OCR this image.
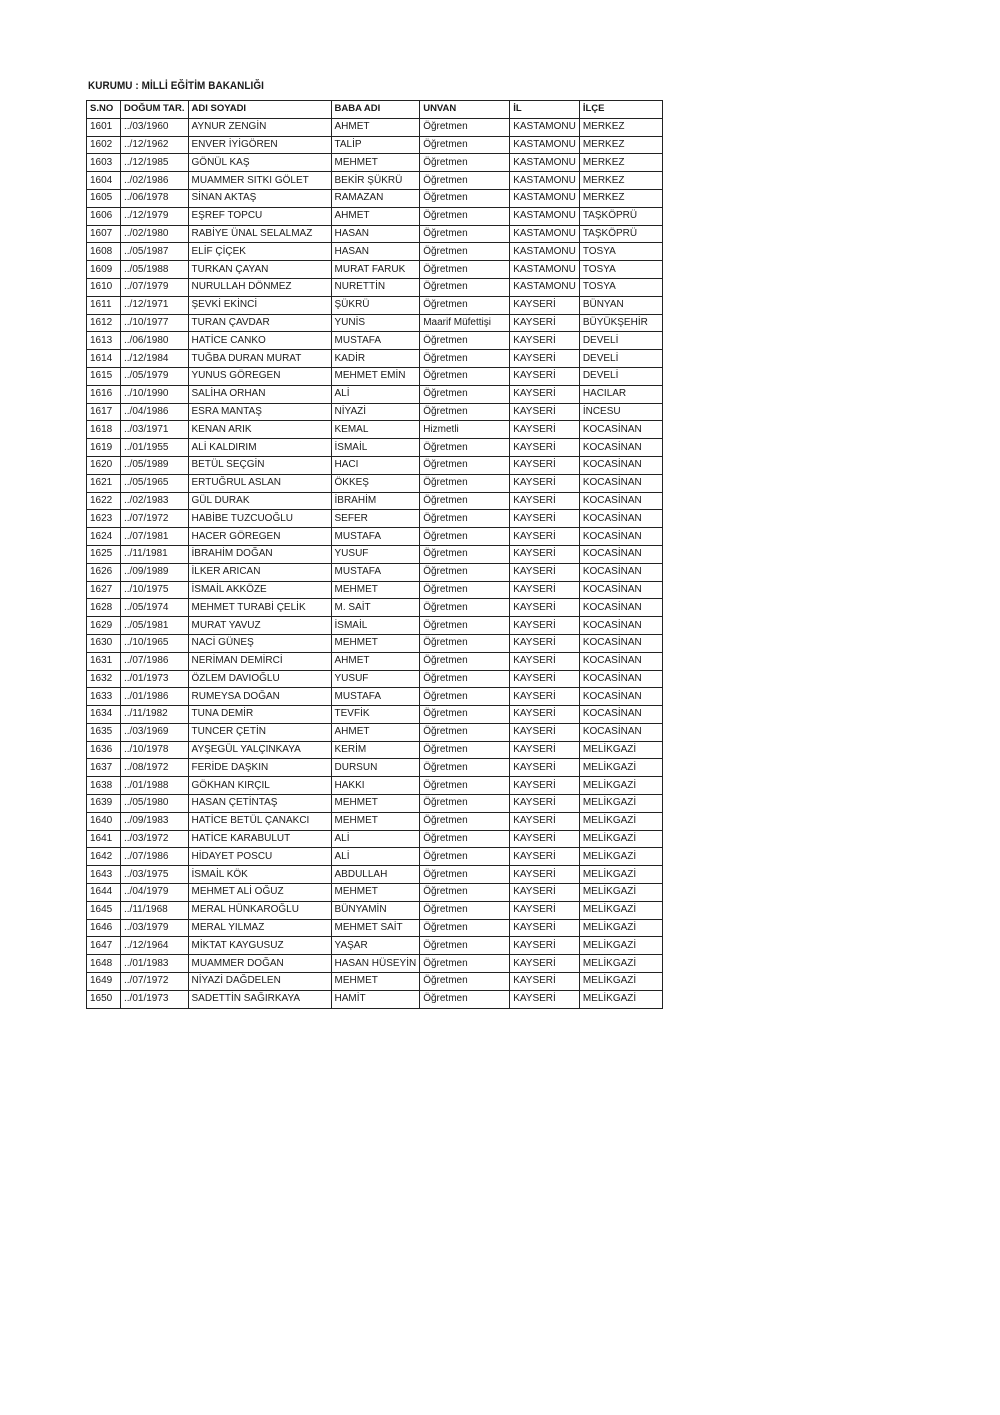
KURUMU : MİLLİ EĞİTİM BAKANLIĞI
S.NO	DOĞUM TAR.	ADI SOYADI	BABA ADI	UNVAN	İL	İLÇE
1601	../03/1960	AYNUR ZENGİN	AHMET	Öğretmen	KASTAMONU	MERKEZ
1602	../12/1962	ENVER İYİGÖREN	TALİP	Öğretmen	KASTAMONU	MERKEZ
1603	../12/1985	GÖNÜL KAŞ	MEHMET	Öğretmen	KASTAMONU	MERKEZ
1604	../02/1986	MUAMMER SITKI GÖLET	BEKİR ŞÜKRÜ	Öğretmen	KASTAMONU	MERKEZ
1605	../06/1978	SİNAN AKTAŞ	RAMAZAN	Öğretmen	KASTAMONU	MERKEZ
1606	../12/1979	EŞREF TOPCU	AHMET	Öğretmen	KASTAMONU	TAŞKÖPRÜ
1607	../02/1980	RABİYE ÜNAL SELALMAZ	HASAN	Öğretmen	KASTAMONU	TAŞKÖPRÜ
1608	../05/1987	ELİF ÇİÇEK	HASAN	Öğretmen	KASTAMONU	TOSYA
1609	../05/1988	TURKAN ÇAYAN	MURAT FARUK	Öğretmen	KASTAMONU	TOSYA
1610	../07/1979	NURULLAH DÖNMEZ	NURETTİN	Öğretmen	KASTAMONU	TOSYA
1611	../12/1971	ŞEVKİ EKİNCİ	ŞÜKRÜ	Öğretmen	KAYSERİ	BÜNYAN
1612	../10/1977	TURAN ÇAVDAR	YUNİS	Maarif Müfettişi	KAYSERİ	BÜYÜKŞEHİR
1613	../06/1980	HATİCE CANKO	MUSTAFA	Öğretmen	KAYSERİ	DEVELİ
1614	../12/1984	TUĞBA DURAN MURAT	KADİR	Öğretmen	KAYSERİ	DEVELİ
1615	../05/1979	YUNUS GÖREGEN	MEHMET EMİN	Öğretmen	KAYSERİ	DEVELİ
1616	../10/1990	SALİHA ORHAN	ALİ	Öğretmen	KAYSERİ	HACILAR
1617	../04/1986	ESRA MANTAŞ	NİYAZİ	Öğretmen	KAYSERİ	İNCESU
1618	../03/1971	KENAN ARIK	KEMAL	Hizmetli	KAYSERİ	KOCASİNAN
1619	../01/1955	ALİ KALDIRIM	İSMAİL	Öğretmen	KAYSERİ	KOCASİNAN
1620	../05/1989	BETÜL SEÇGİN	HACI	Öğretmen	KAYSERİ	KOCASİNAN
1621	../05/1965	ERTUĞRUL ASLAN	ÖKKEŞ	Öğretmen	KAYSERİ	KOCASİNAN
1622	../02/1983	GÜL DURAK	İBRAHİM	Öğretmen	KAYSERİ	KOCASİNAN
1623	../07/1972	HABİBE TUZCUOĞLU	SEFER	Öğretmen	KAYSERİ	KOCASİNAN
1624	../07/1981	HACER GÖREGEN	MUSTAFA	Öğretmen	KAYSERİ	KOCASİNAN
1625	../11/1981	İBRAHİM DOĞAN	YUSUF	Öğretmen	KAYSERİ	KOCASİNAN
1626	../09/1989	İLKER ARICAN	MUSTAFA	Öğretmen	KAYSERİ	KOCASİNAN
1627	../10/1975	İSMAİL AKKÖZE	MEHMET	Öğretmen	KAYSERİ	KOCASİNAN
1628	../05/1974	MEHMET TURABİ ÇELİK	M. SAİT	Öğretmen	KAYSERİ	KOCASİNAN
1629	../05/1981	MURAT YAVUZ	İSMAİL	Öğretmen	KAYSERİ	KOCASİNAN
1630	../10/1965	NACİ GÜNEŞ	MEHMET	Öğretmen	KAYSERİ	KOCASİNAN
1631	../07/1986	NERİMAN DEMİRCİ	AHMET	Öğretmen	KAYSERİ	KOCASİNAN
1632	../01/1973	ÖZLEM DAVIOĞLU	YUSUF	Öğretmen	KAYSERİ	KOCASİNAN
1633	../01/1986	RUMEYSA DOĞAN	MUSTAFA	Öğretmen	KAYSERİ	KOCASİNAN
1634	../11/1982	TUNA DEMİR	TEVFİK	Öğretmen	KAYSERİ	KOCASİNAN
1635	../03/1969	TUNCER ÇETİN	AHMET	Öğretmen	KAYSERİ	KOCASİNAN
1636	../10/1978	AYŞEGÜL YALÇINKAYA	KERİM	Öğretmen	KAYSERİ	MELİKGAZİ
1637	../08/1972	FERİDE DAŞKIN	DURSUN	Öğretmen	KAYSERİ	MELİKGAZİ
1638	../01/1988	GÖKHAN KIRÇIL	HAKKI	Öğretmen	KAYSERİ	MELİKGAZİ
1639	../05/1980	HASAN ÇETİNTAŞ	MEHMET	Öğretmen	KAYSERİ	MELİKGAZİ
1640	../09/1983	HATİCE BETÜL ÇANAKCI	MEHMET	Öğretmen	KAYSERİ	MELİKGAZİ
1641	../03/1972	HATİCE KARABULUT	ALİ	Öğretmen	KAYSERİ	MELİKGAZİ
1642	../07/1986	HİDAYET POSCU	ALİ	Öğretmen	KAYSERİ	MELİKGAZİ
1643	../03/1975	İSMAİL KÖK	ABDULLAH	Öğretmen	KAYSERİ	MELİKGAZİ
1644	../04/1979	MEHMET ALİ OĞUZ	MEHMET	Öğretmen	KAYSERİ	MELİKGAZİ
1645	../11/1968	MERAL HÜNKAROĞLU	BÜNYAMİN	Öğretmen	KAYSERİ	MELİKGAZİ
1646	../03/1979	MERAL YILMAZ	MEHMET SAİT	Öğretmen	KAYSERİ	MELİKGAZİ
1647	../12/1964	MİKTAT KAYGUSUZ	YAŞAR	Öğretmen	KAYSERİ	MELİKGAZİ
1648	../01/1983	MUAMMER DOĞAN	HASAN HÜSEYİN	Öğretmen	KAYSERİ	MELİKGAZİ
1649	../07/1972	NİYAZİ DAĞDELEN	MEHMET	Öğretmen	KAYSERİ	MELİKGAZİ
1650	../01/1973	SADETTİN SAĞIRKAYA	HAMİT	Öğretmen	KAYSERİ	MELİKGAZİ
